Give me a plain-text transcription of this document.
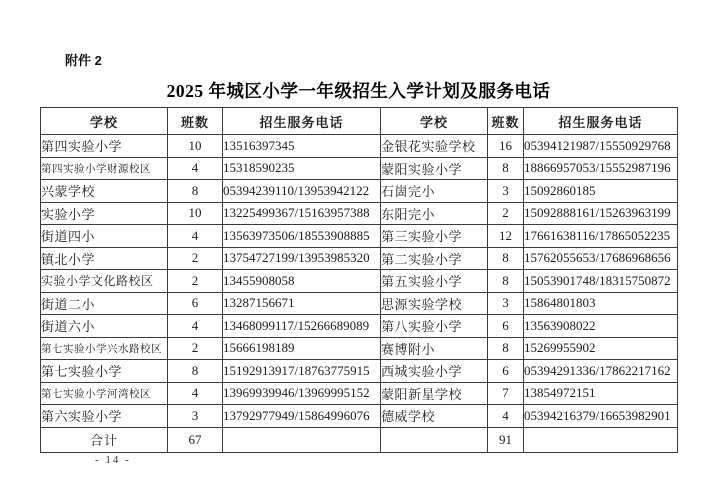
附件 2
2025 年城区小学一年级招生入学计划及服务电话
学校	班数	招生服务电话	学校	班数	招生服务电话
第四实验小学	10	13516397345	金银花实验学校	16	05394121987/15550929768
第四实验小学财源校区	4	15318590235	蒙阳实验小学	8	18866957053/15552987196
兴蒙学校	8	05394239110/13953942122	石崮完小	3	15092860185
实验小学	10	13225499367/15163957388	东阳完小	2	15092888161/15263963199
街道四小	4	13563973506/18553908885	第三实验小学	12	17661638116/17865052235
镇北小学	2	13754727199/13953985320	第二实验小学	8	15762055653/17686968656
实验小学文化路校区	2	13455908058	第五实验小学	8	15053901748/18315750872
街道二小	6	13287156671	思源实验学校	3	15864801803
街道六小	4	13468099117/15266689089	第八实验小学	6	13563908022
第七实验小学兴水路校区	2	15666198189	赛博附小	8	15269955902
第七实验小学	8	15192913917/18763775915	西城实验小学	6	05394291336/17862217162
第七实验小学河湾校区	4	13969939946/13969995152	蒙阳新星学校	7	13854972151
第六实验小学	3	13792977949/15864996076	德威学校	4	05394216379/16653982901
合计	67			91	
- 14 -
